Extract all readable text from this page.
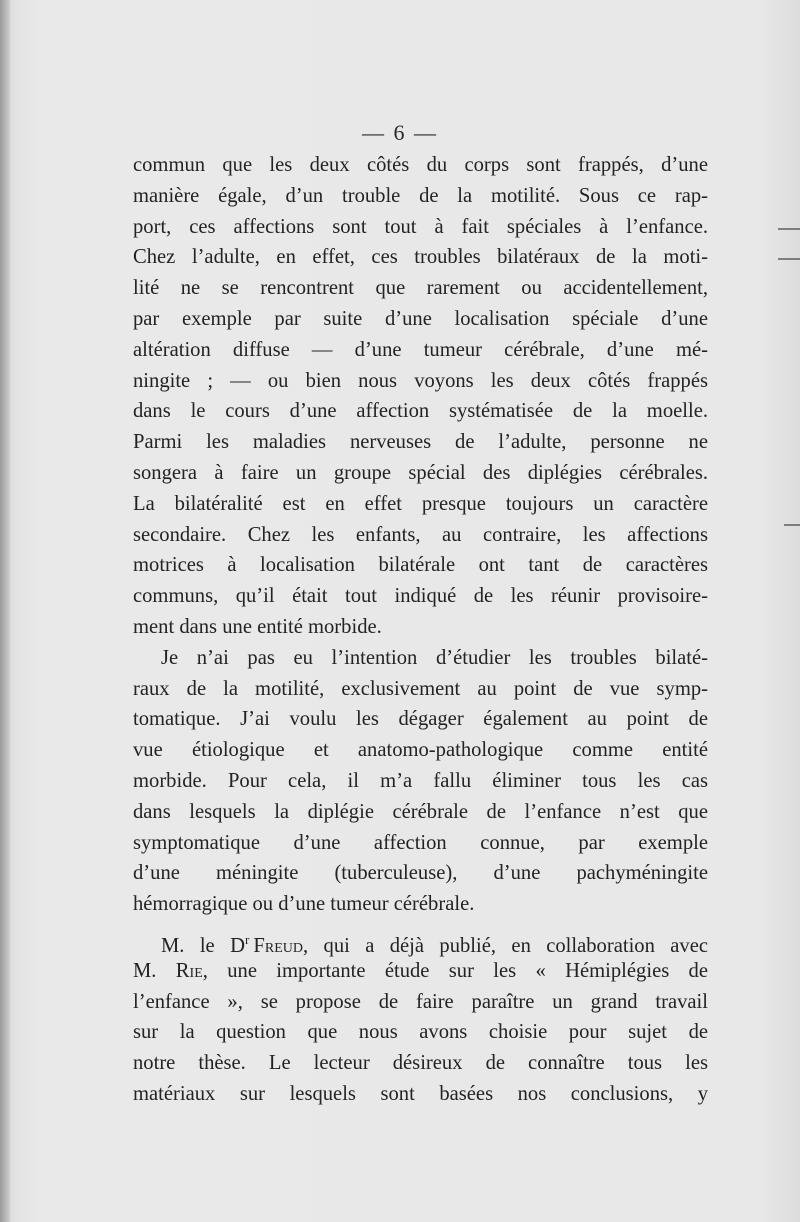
— 6 —
commun que les deux côtés du corps sont frappés, d’une
manière égale, d’un trouble de la motilité. Sous ce rap-
port, ces affections sont tout à fait spéciales à l’enfance.
Chez l’adulte, en effet, ces troubles bilatéraux de la moti-
lité ne se rencontrent que rarement ou accidentellement,
par exemple par suite d’une localisation spéciale d’une
altération diffuse — d’une tumeur cérébrale, d’une mé-
ningite ; — ou bien nous voyons les deux côtés frappés
dans le cours d’une affection systématisée de la moelle.
Parmi les maladies nerveuses de l’adulte, personne ne
songera à faire un groupe spécial des diplégies cérébrales.
La bilatéralité est en effet presque toujours un caractère
secondaire. Chez les enfants, au contraire, les affections
motrices à localisation bilatérale ont tant de caractères
communs, qu’il était tout indiqué de les réunir provisoire-
ment dans une entité morbide.
Je n’ai pas eu l’intention d’étudier les troubles bilaté-
raux de la motilité, exclusivement au point de vue symp-
tomatique. J’ai voulu les dégager également au point de
vue étiologique et anatomo-pathologique comme entité
morbide. Pour cela, il m’a fallu éliminer tous les cas
dans lesquels la diplégie cérébrale de l’enfance n’est que
symptomatique d’une affection connue, par exemple
d’une méningite (tuberculeuse), d’une pachyméningite
hémorragique ou d’une tumeur cérébrale.
M. le $D^r$  Freud, qui a déjà publié, en collaboration avec
M. Rie, une importante étude sur les « Hémiplégies de
l’enfance », se propose de faire paraître un grand travail
sur la question que nous avons choisie pour sujet de
notre thèse. Le lecteur désireux de connaître tous les
matériaux sur lesquels sont basées nos conclusions, y
